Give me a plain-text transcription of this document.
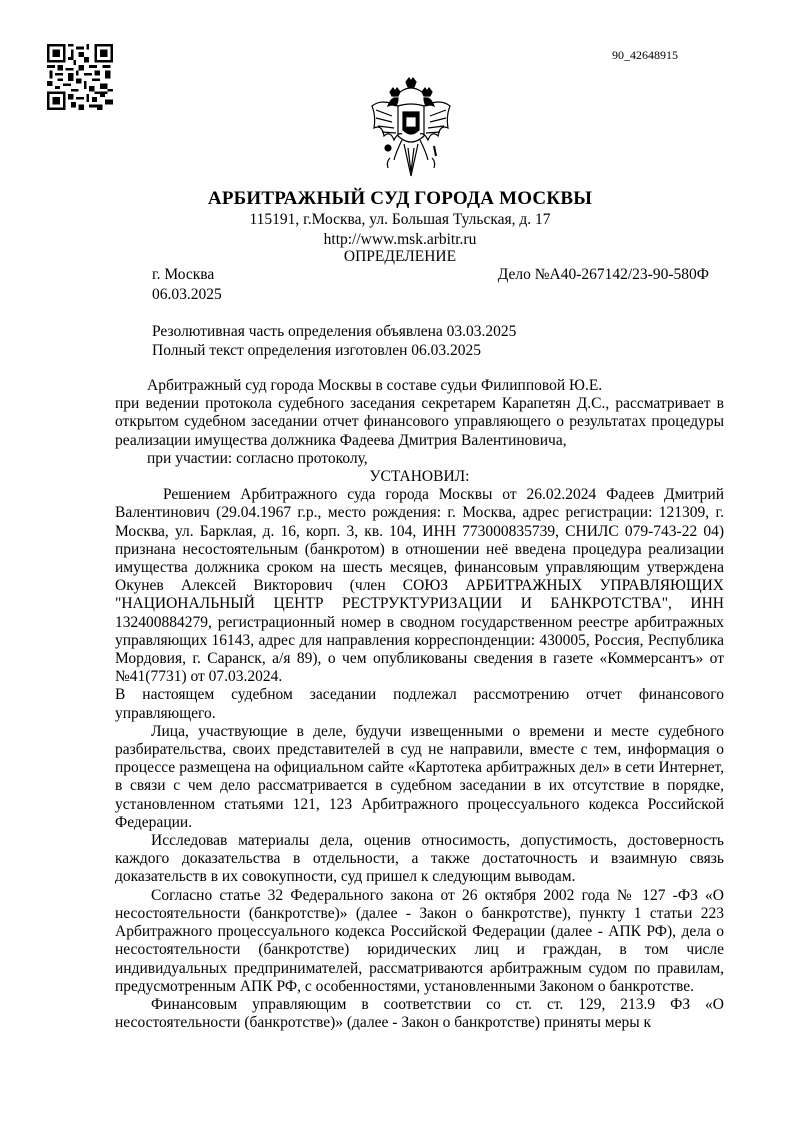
90_42648915
АРБИТРАЖНЫЙ СУД ГОРОДА МОСКВЫ
115191, г.Москва, ул. Большая Тульская, д. 17
http://www.msk.arbitr.ru
ОПРЕДЕЛЕНИЕ
г. Москва
06.03.2025
Дело №А40-267142/23-90-580Ф
Резолютивная часть определения объявлена 03.03.2025
Полный текст определения изготовлен 06.03.2025

Арбитражный суд города Москвы в составе судьи Филипповой Ю.Е.

при ведении протокола судебного заседания секретарем Карапетян Д.С., рассматривает в открытом судебном заседании отчет финансового управляющего о результатах процедуры реализации имущества должника Фадеева Дмитрия Валентиновича,

при участии: согласно протоколу,

УСТАНОВИЛ:

Решением Арбитражного суда города Москвы от 26.02.2024 Фадеев Дмитрий Валентинович (29.04.1967 г.р., место рождения: г. Москва, адрес регистрации: 121309, г. Москва, ул. Барклая, д. 16, корп. 3, кв. 104, ИНН 773000835739, СНИЛС 079-743-22 04) признана несостоятельным (банкротом) в отношении неё введена процедура реализации имущества должника сроком на шесть месяцев, финансовым управляющим утверждена Окунев Алексей Викторович (член СОЮЗ АРБИТРАЖНЫХ УПРАВЛЯЮЩИХ "НАЦИОНАЛЬНЫЙ ЦЕНТР РЕСТРУКТУРИЗАЦИИ И БАНКРОТСТВА", ИНН 132400884279, регистрационный номер в сводном государственном реестре арбитражных управляющих 16143, адрес для направления корреспонденции: 430005, Россия, Республика Мордовия, г. Саранск, а/я 89), о чем опубликованы сведения в газете «Коммерсантъ» от №41(7731) от 07.03.2024.

В настоящем судебном заседании подлежал рассмотрению отчет финансового управляющего.

Лица, участвующие в деле, будучи извещенными о времени и месте судебного разбирательства, своих представителей в суд не направили, вместе с тем, информация о процессе размещена на официальном сайте «Картотека арбитражных дел» в сети Интернет, в связи с чем дело рассматривается в судебном заседании в их отсутствие в порядке, установленном статьями 121, 123 Арбитражного процессуального кодекса Российской Федерации.

Исследовав материалы дела, оценив относимость, допустимость, достоверность каждого доказательства в отдельности, а также достаточность и взаимную связь доказательств в их совокупности, суд пришел к следующим выводам.

Согласно статье 32 Федерального закона от 26 октября 2002 года № 127 -ФЗ «О несостоятельности (банкротстве)» (далее - Закон о банкротстве), пункту 1 статьи 223 Арбитражного процессуального кодекса Российской Федерации (далее - АПК РФ), дела о несостоятельности (банкротстве) юридических лиц и граждан, в том числе индивидуальных предпринимателей, рассматриваются арбитражным судом по правилам, предусмотренным АПК РФ, с особенностями, установленными Законом о банкротстве.

Финансовым управляющим в соответствии со ст. ст. 129, 213.9 ФЗ «О несостоятельности (банкротстве)» (далее - Закон о банкротстве) приняты меры к
